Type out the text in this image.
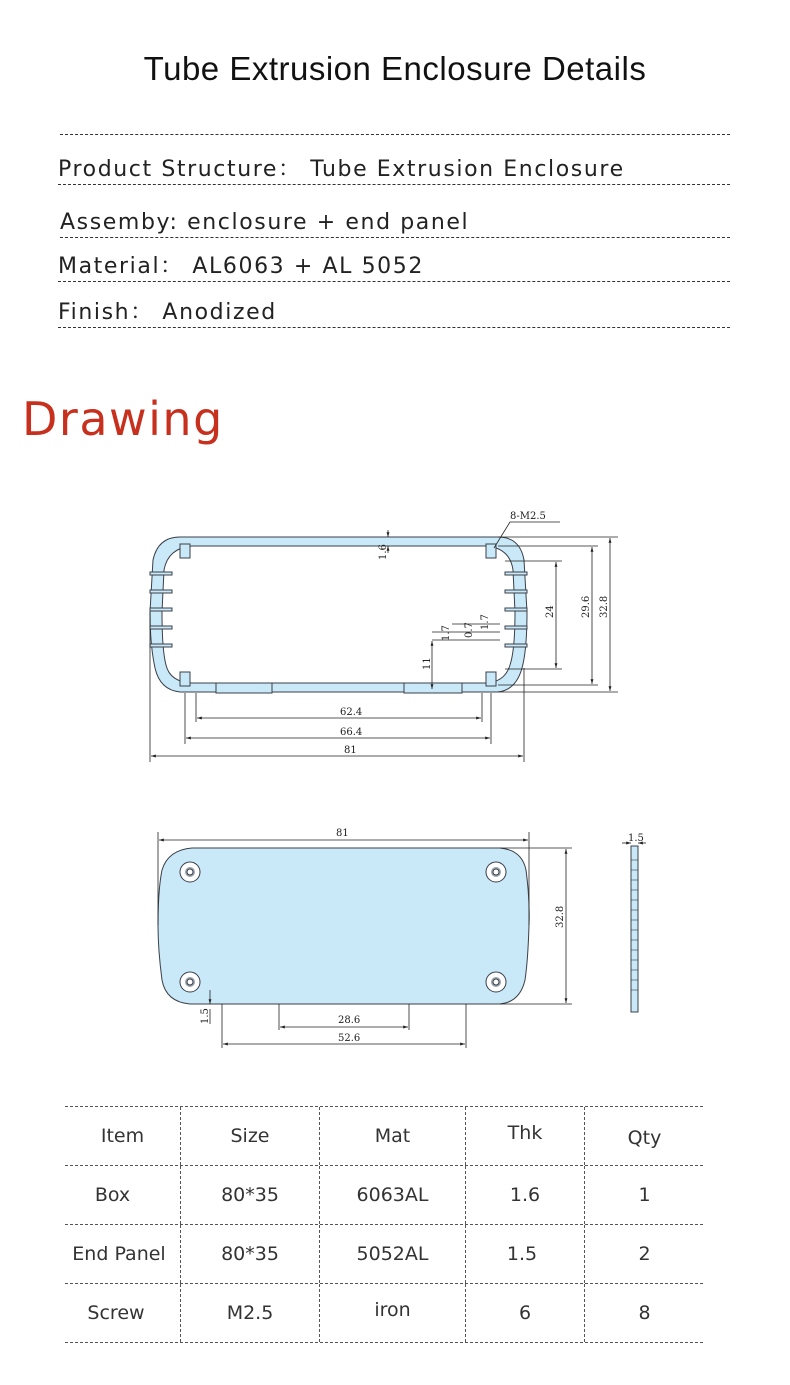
Tube Extrusion Enclosure Details
Product Structure： Tube Extrusion Enclosure
Assemby: enclosure + end panel
Material： AL6063 + AL 5052
Finish： Anodized
Drawing
8-M2.5
1.6
1.7 0.7
1.7
11
24	29.6 32.8
62.4
66.4
81
81
32.8
1.5	28.6
52.6
1.5
Item	Size	Mat	Thk	Qty
Box	80*35	6063AL	1.6	1
End Panel	80*35	5052AL	1.5	2
Screw	M2.5	iron	6	8
